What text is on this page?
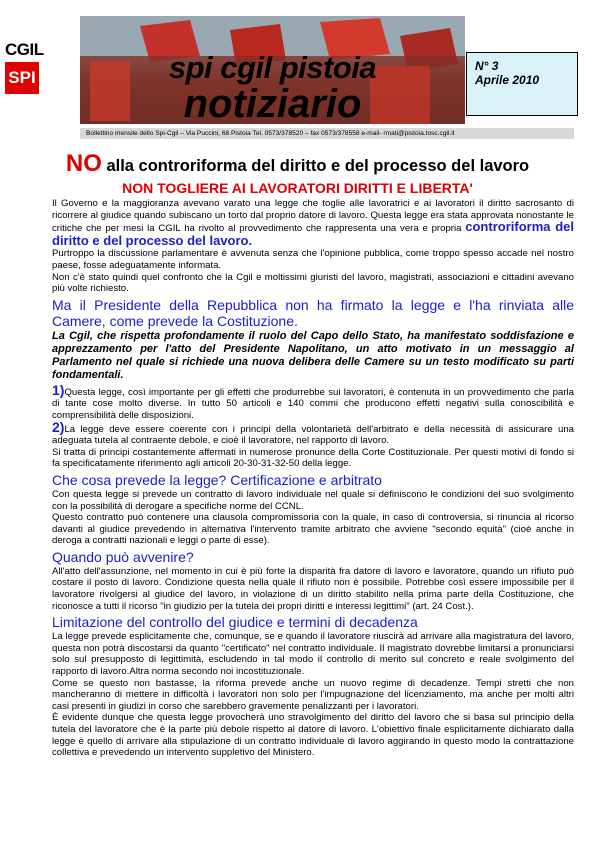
CGIL
SPI	spi cgil pistoia
notiziario
N° 3
Aprile 2010
Bollettino mensile dello Spi-Cgil – Via Puccini, 68 Pistoia Tel. 0573/378520 – fax 0573/378558 e-mail- rmati@pistoia.tosc.cgil.it
NO alla controriforma del diritto e del processo del lavoro
NON TOGLIERE AI LAVORATORI DIRITTI E LIBERTA'

Il Governo e la maggioranza avevano varato una legge che toglie alle lavoratrici e ai lavoratori il diritto sacrosanto di ricorrere al giudice quando subiscano un torto dal proprio datore di lavoro. Questa legge era stata approvata nonostante le critiche che per mesi la CGIL ha rivolto al provvedimento che rappresenta una vera e propria controriforma del diritto e del processo del lavoro.

Purtroppo la discussione parlamentare è avvenuta senza che l'opinione pubblica, come troppo spesso accade nel nostro paese, fosse adeguatamente informata.

Non c'è stato quindi quel confronto che la Cgil e moltissimi giuristi del lavoro, magistrati, associazioni e cittadini avevano più volte richiesto.

Ma il Presidente della Repubblica non ha firmato la legge e l'ha rinviata alle Camere, come prevede la Costituzione.

La Cgil, che rispetta profondamente il ruolo del Capo dello Stato, ha manifestato soddisfazione e apprezzamento per l'atto del Presidente Napolitano, un atto motivato in un messaggio al Parlamento nel quale si richiede una nuova delibera delle Camere su un testo modificato su parti fondamentali.

1)Questa legge, così importante per gli effetti che produrrebbe sui lavoratori, è contenuta in un provvedimento che parla di tante cose molto diverse. In tutto 50 articoli e 140 commi che producono effetti negativi sulla conoscibilità e comprensibilità delle disposizioni.

2)La legge deve essere coerente con i principi della volontarietà dell'arbitrato e della necessità di assicurare una adeguata tutela al contraente debole, e cioè il lavoratore, nel rapporto di lavoro.

Si tratta di principi costantemente affermati in numerose pronunce della Corte Costituzionale. Per questi motivi di fondo si fa specificatamente riferimento agli articoli 20-30-31-32-50 della legge.

Che cosa prevede la legge? Certificazione e arbitrato

Con questa legge si prevede un contratto di lavoro individuale nel quale si definiscono le condizioni del suo svolgimento con la possibilità di derogare a specifiche norme del CCNL.

Questo contratto può contenere una clausola compromissoria con la quale, in caso di controversia, si rinuncia al ricorso davanti al giudice prevedendo in alternativa l'intervento tramite arbitrato che avviene "secondo equità" (cioè anche in deroga a contratti nazionali e leggi o parte di esse).

Quando può avvenire?

All'atto dell'assunzione, nel momento in cui è più forte la disparità fra datore di lavoro e lavoratore, quando un rifiuto può costare il posto di lavoro. Condizione questa nella quale il rifiuto non è possibile. Potrebbe così essere impossibile per il lavoratore rivolgersi al giudice del lavoro, in violazione di un diritto stabilito nella prima parte della Costituzione, che riconosce a tutti il ricorso "in giudizio per la tutela dei propri diritti e interessi legittimi" (art. 24 Cost.).

Limitazione del controllo del giudice e termini di decadenza

La legge prevede esplicitamente che, comunque, se e quando il lavoratore riuscirà ad arrivare alla magistratura del lavoro, questa non potrà discostarsi da quanto "certificato" nel contratto individuale. Il magistrato dovrebbe limitarsi a pronunciarsi solo sul presupposto di legittimità, escludendo in tal modo il controllo di merito sul concreto e reale svolgimento del rapporto di lavoro.Altra norma secondo noi incostituzionale.

Come se questo non bastasse, la riforma prevede anche un nuovo regime di decadenze. Tempi stretti che non mancheranno di mettere in difficoltà i lavoratori non solo per l'impugnazione del licenziamento, ma anche per molti altri casi presenti in giudizi in corso che sarebbero gravemente penalizzanti per i lavoratori.

È evidente dunque che questa legge provocherà uno stravolgimento del diritto del lavoro che si basa sul principio della tutela del lavoratore che è la parte più debole rispetto al datore di lavoro. L'obiettivo finale esplicitamente dichiarato dalla legge è quello di arrivare alla stipulazione di un contratto individuale di lavoro aggirando in questo modo la contrattazione collettiva e prevedendo un intervento suppletivo del Ministero.
